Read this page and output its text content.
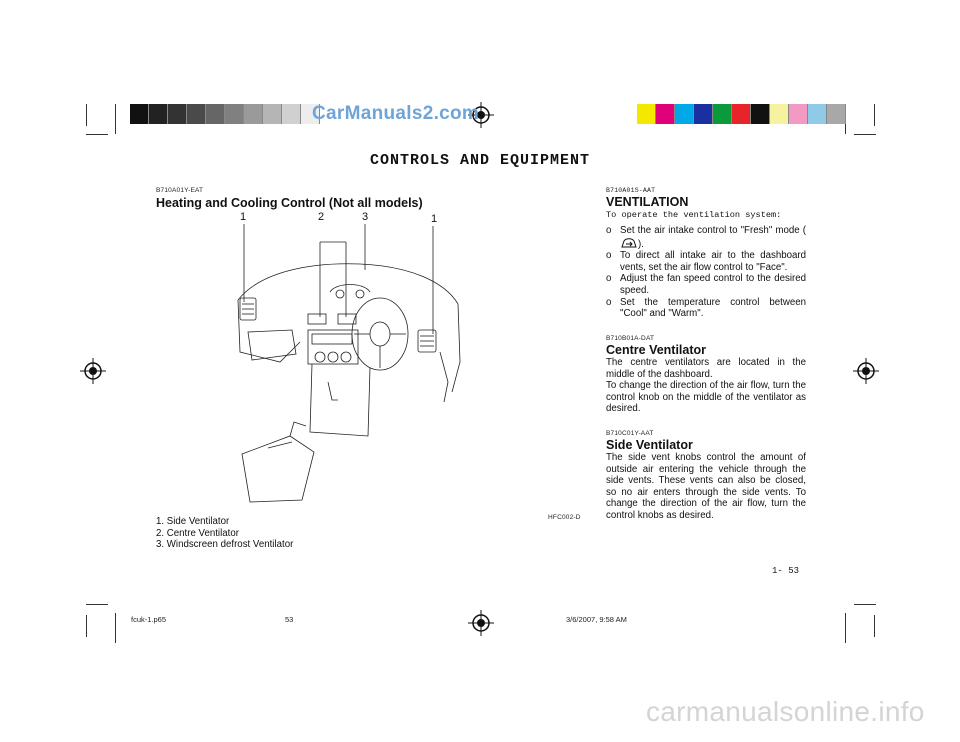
CarManuals2.com
CONTROLS AND EQUIPMENT
B710A01Y-EAT
Heating and Cooling Control (Not all models)
1	2	3	1
1. Side Ventilator
2. Centre Ventilator
3. Windscreen defrost Ventilator
HFC002-D
B710A01S-AAT
VENTILATION
To operate the ventilation system:
o Set the air intake control to "Fresh" mode ().
o To direct all intake air to the dashboard vents, set the air flow control to "Face".
o Adjust the fan speed control to the desired speed.
o Set the temperature control between "Cool" and "Warm".
B710B01A-DAT
Centre Ventilator
The centre ventilators are located in the middle of the dashboard.
To change the direction of the air flow, turn the control knob on the middle of the ventilator as desired.
B710C01Y-AAT
Side Ventilator
The side vent knobs control the amount of outside air entering the vehicle through the side vents. These vents can also be closed, so no air enters through the side vents. To change the direction of the air flow, turn the control knobs as desired.
1- 53
fcuk-1.p65	53	3/6/2007, 9:58 AM
carmanualsonline.info
